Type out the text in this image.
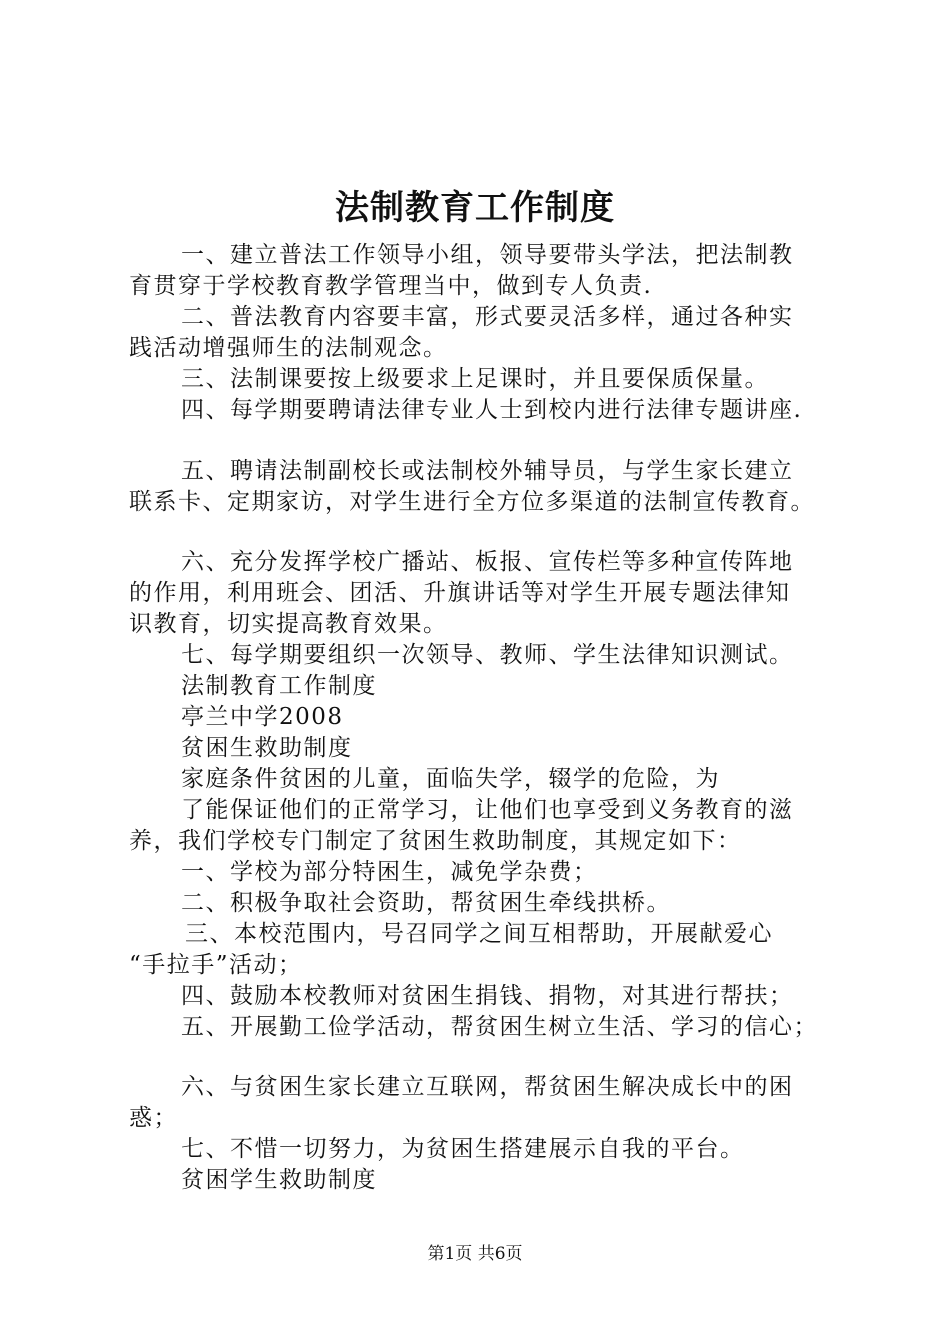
法制教育工作制度
一、建立普法工作领导小组，领导要带头学法，把法制教
育贯穿于学校教育教学管理当中，做到专人负责.
二、普法教育内容要丰富，形式要灵活多样，通过各种实
践活动增强师生的法制观念。
三、法制课要按上级要求上足课时，并且要保质保量。
四、每学期要聘请法律专业人士到校内进行法律专题讲座.
五、聘请法制副校长或法制校外辅导员，与学生家长建立
联系卡、定期家访，对学生进行全方位多渠道的法制宣传教育。
六、充分发挥学校广播站、板报、宣传栏等多种宣传阵地
的作用，利用班会、团活、升旗讲话等对学生开展专题法律知
识教育，切实提高教育效果。
七、每学期要组织一次领导、教师、学生法律知识测试。
法制教育工作制度
亭兰中学2008
贫困生救助制度
家庭条件贫困的儿童，面临失学，辍学的危险，为
了能保证他们的正常学习，让他们也享受到义务教育的滋
养，我们学校专门制定了贫困生救助制度，其规定如下：
一、学校为部分特困生，减免学杂费；
二、积极争取社会资助，帮贫困生牵线拱桥。
三、本校范围内，号召同学之间互相帮助，开展献爱心
“手拉手”活动；
四、鼓励本校教师对贫困生捐钱、捐物，对其进行帮扶；
五、开展勤工俭学活动，帮贫困生树立生活、学习的信心；
六、与贫困生家长建立互联网，帮贫困生解决成长中的困
惑；
七、不惜一切努力，为贫困生搭建展示自我的平台。
贫困学生救助制度
第1页 共6页
